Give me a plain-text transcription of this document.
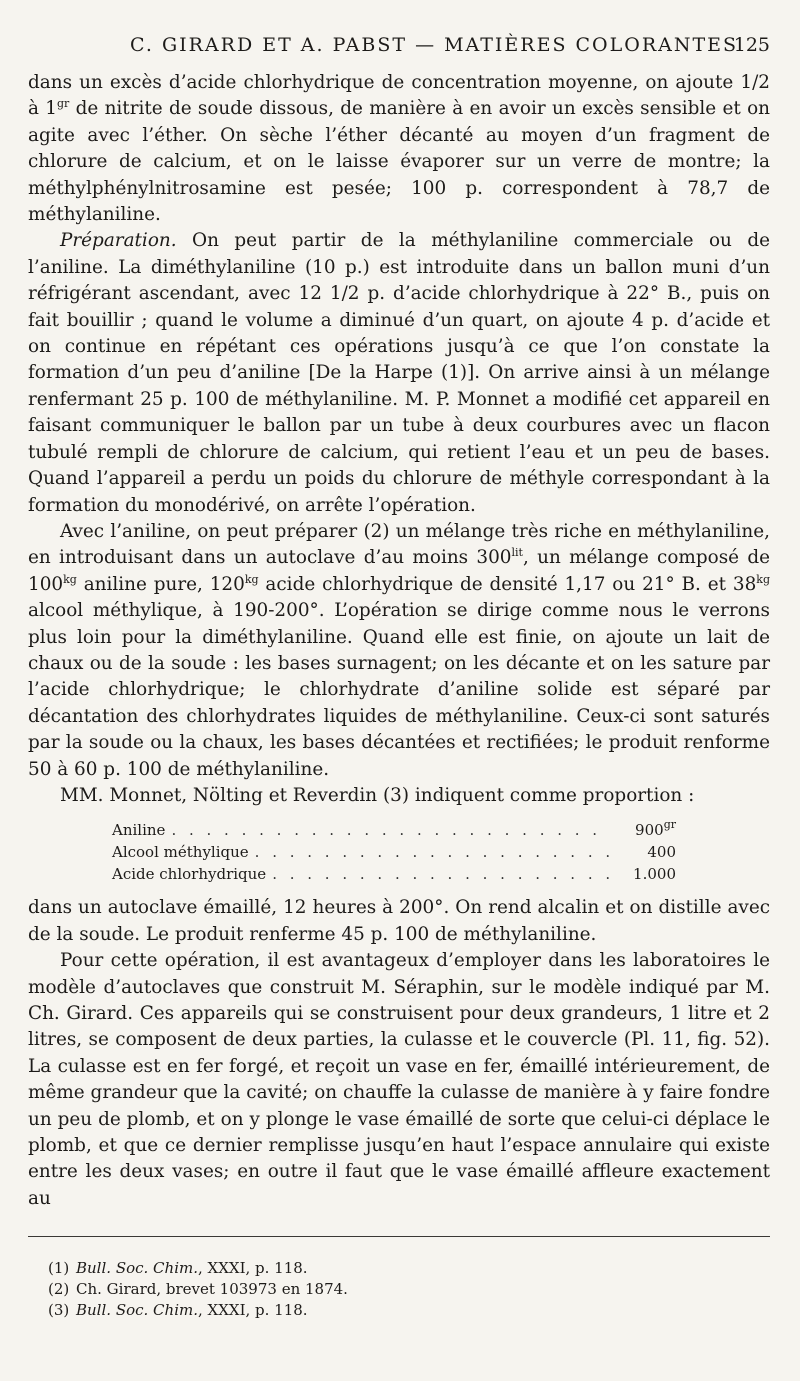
C. GIRARD ET A. PABST — MATIÈRES COLORANTES
125

dans un excès d’acide chlorhydrique de concentration moyenne, on ajoute 1/2 à $1^{gr}$ de nitrite de soude dissous, de manière à en avoir un excès sensible et on agite avec l’éther. On sèche l’éther décanté au moyen d’un fragment de chlorure de calcium, et on le laisse évaporer sur un verre de montre; la méthylphénylnitrosamine est pesée; 100 p. correspondent à 78,7 de méthylaniline.

Préparation. On peut partir de la méthylaniline commerciale ou de l’aniline. La diméthylaniline (10 p.) est introduite dans un ballon muni d’un réfrigérant ascendant, avec 12 1/2 p. d’acide chlorhydrique à 22° B., puis on fait bouillir ; quand le volume a diminué d’un quart, on ajoute 4 p. d’acide et on continue en répétant ces opérations jusqu’à ce que l’on constate la formation d’un peu d’aniline [De la Harpe (1)]. On arrive ainsi à un mélange renfermant 25 p. 100 de méthylaniline. M. P. Monnet a modifié cet appareil en faisant communiquer le ballon par un tube à deux courbures avec un flacon tubulé rempli de chlorure de calcium, qui retient l’eau et un peu de bases. Quand l’appareil a perdu un poids du chlorure de méthyle correspondant à la formation du monodérivé, on arrête l’opération.

Avec l’aniline, on peut préparer (2) un mélange très riche en méthylaniline, en introduisant dans un autoclave d’au moins $300^{lit}$, un mélange composé de $100^{kg}$ aniline pure, $120^{kg}$ acide chlorhydrique de densité 1,17 ou 21° B. et $38^{kg}$ alcool méthylique, à 190-200°. L’opération se dirige comme nous le verrons plus loin pour la diméthylaniline. Quand elle est finie, on ajoute un lait de chaux ou de la soude : les bases surnagent; on les décante et on les sature par l’acide chlorhydrique; le chlorhydrate d’aniline solide est séparé par décantation des chlorhydrates liquides de méthylaniline. Ceux-ci sont saturés par la soude ou la chaux, les bases décantées et rectifiées; le produit renforme 50 à 60 p. 100 de méthylaniline.

MM. Monnet, Nölting et Reverdin (3) indiquent comme proportion :

Aniline . . .	$900^{gr}$
Alcool méthylique . . .	400
Acide chlorhydrique . . .	1.000

dans un autoclave émaillé, 12 heures à 200°. On rend alcalin et on distille avec de la soude. Le produit renferme 45 p. 100 de méthylaniline.

Pour cette opération, il est avantageux d’employer dans les laboratoires le modèle d’autoclaves que construit M. Séraphin, sur le modèle indiqué par M. Ch. Girard. Ces appareils qui se construisent pour deux grandeurs, 1 litre et 2 litres, se composent de deux parties, la culasse et le couvercle (Pl. 11, fig. 52). La culasse est en fer forgé, et reçoit un vase en fer, émaillé intérieurement, de même grandeur que la cavité; on chauffe la culasse de manière à y faire fondre un peu de plomb, et on y plonge le vase émaillé de sorte que celui-ci déplace le plomb, et que ce dernier remplisse jusqu’en haut l’espace annulaire qui existe entre les deux vases; en outre il faut que le vase émaillé affleure exactement au

(1) Bull. Soc. Chim., XXXI, p. 118.
(2) Ch. Girard, brevet 103973 en 1874.
(3) Bull. Soc. Chim., XXXI, p. 118.
